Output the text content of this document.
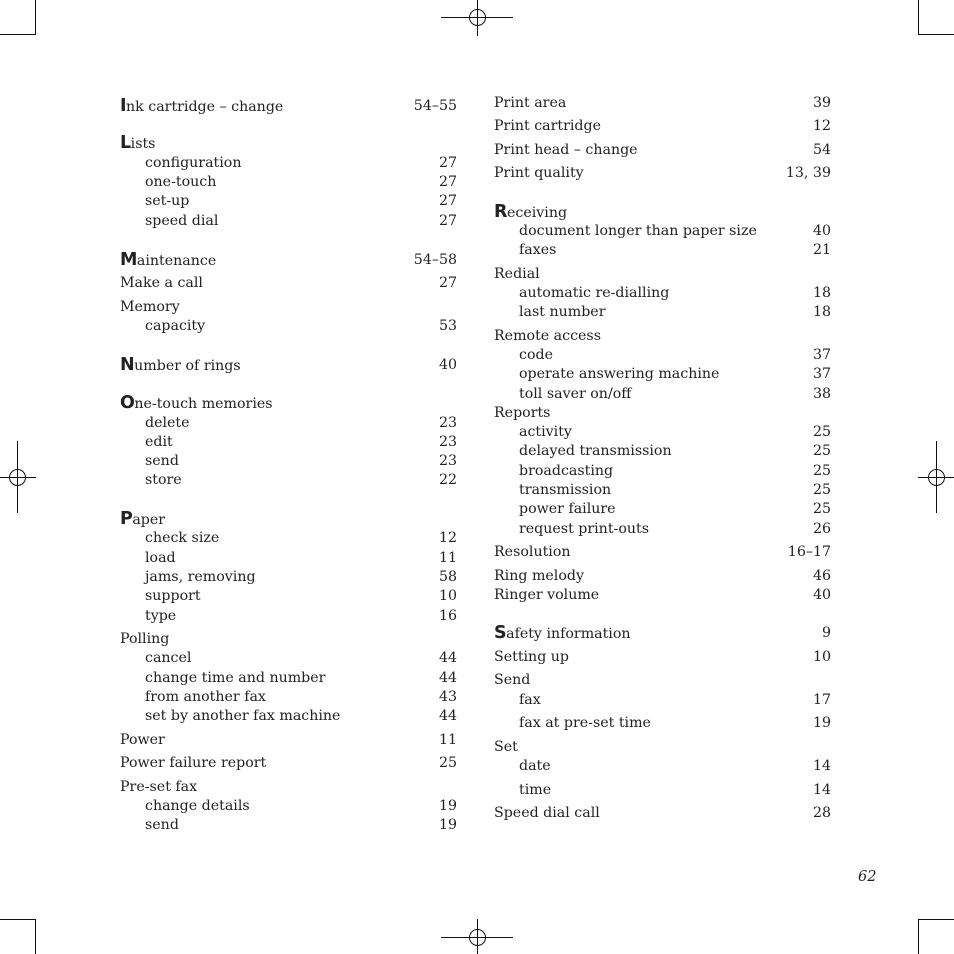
Ink cartridge – change	54–55
Lists
configuration	27
one-touch	27
set-up	27
speed dial	27
Maintenance	54–58
Make a call	27
Memory
capacity	53
Number of rings	40
One-touch memories
delete	23
edit	23
send	23
store	22
Paper
check size	12
load	11
jams, removing	58
support	10
type	16
Polling
cancel	44
change time and number	44
from another fax	43
set by another fax machine	44
Power	11
Power failure report	25
Pre-set fax
change details	19
send	19
Print area	39
Print cartridge	12
Print head – change	54
Print quality	13, 39
Receiving
document longer than paper size	40
faxes	21
Redial
automatic re-dialling	18
last number	18
Remote access
code	37
operate answering machine	37
toll saver on/off	38
Reports
activity	25
delayed transmission	25
broadcasting	25
transmission	25
power failure	25
request print-outs	26
Resolution	16–17
Ring melody	46
Ringer volume	40
Safety information	9
Setting up	10
Send
fax	17
fax at pre-set time	19
Set
date	14
time	14
Speed dial call	28
62
